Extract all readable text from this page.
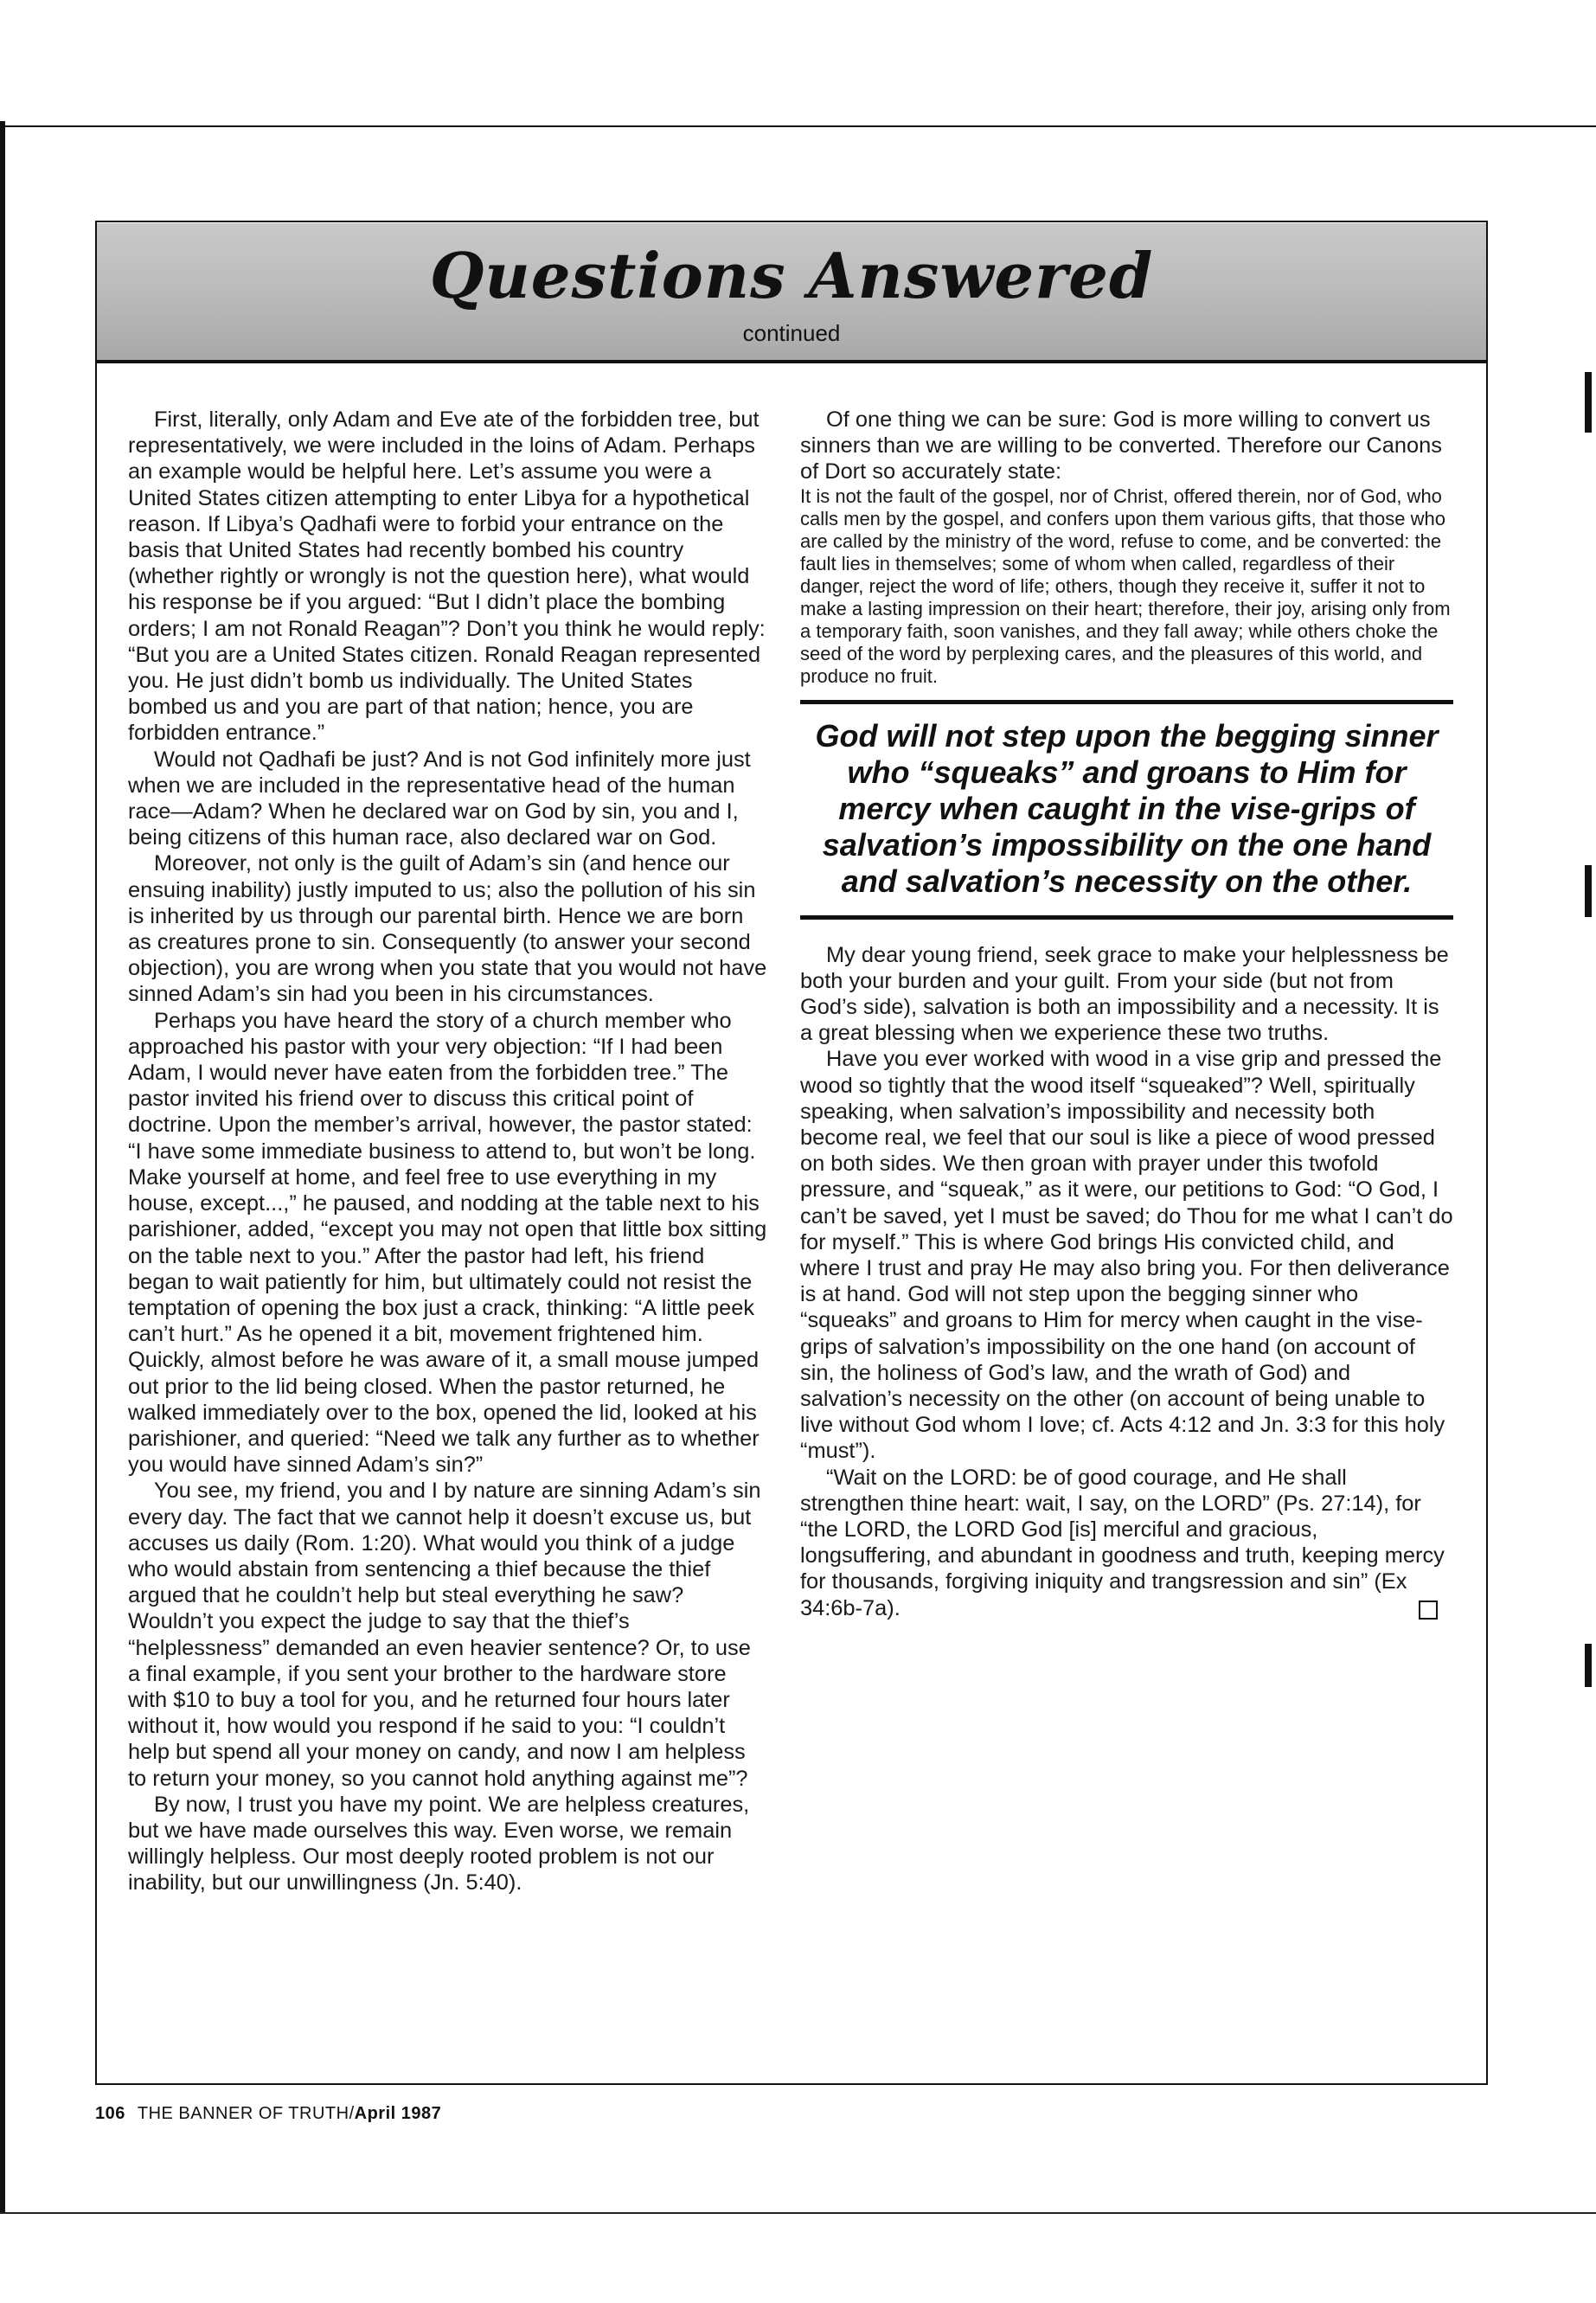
Questions Answered
continued

First, literally, only Adam and Eve ate of the forbidden tree, but representatively, we were included in the loins of Adam. Perhaps an example would be helpful here. Let’s assume you were a United States citizen attempting to enter Libya for a hypothetical reason. If Libya’s Qadhafi were to forbid your entrance on the basis that United States had recently bombed his country (whether rightly or wrongly is not the question here), what would his response be if you argued: “But I didn’t place the bombing orders; I am not Ronald Reagan”? Don’t you think he would reply: “But you are a United States citizen. Ronald Reagan represented you. He just didn’t bomb us individually. The United States bombed us and you are part of that nation; hence, you are forbidden entrance.”

Would not Qadhafi be just? And is not God infinitely more just when we are included in the representative head of the human race—Adam? When he declared war on God by sin, you and I, being citizens of this human race, also declared war on God.

Moreover, not only is the guilt of Adam’s sin (and hence our ensuing inability) justly imputed to us; also the pollution of his sin is inherited by us through our parental birth. Hence we are born as creatures prone to sin. Consequently (to answer your second objection), you are wrong when you state that you would not have sinned Adam’s sin had you been in his circumstances.

Perhaps you have heard the story of a church member who approached his pastor with your very objection: “If I had been Adam, I would never have eaten from the forbidden tree.” The pastor invited his friend over to discuss this critical point of doctrine. Upon the member’s arrival, however, the pastor stated: “I have some immediate business to attend to, but won’t be long. Make yourself at home, and feel free to use everything in my house, except...,” he paused, and nodding at the table next to his parishioner, added, “except you may not open that little box sitting on the table next to you.” After the pastor had left, his friend began to wait patiently for him, but ultimately could not resist the temptation of opening the box just a crack, thinking: “A little peek can’t hurt.” As he opened it a bit, movement frightened him. Quickly, almost before he was aware of it, a small mouse jumped out prior to the lid being closed. When the pastor returned, he walked immediately over to the box, opened the lid, looked at his parishioner, and queried: “Need we talk any further as to whether you would have sinned Adam’s sin?”

You see, my friend, you and I by nature are sinning Adam’s sin every day. The fact that we cannot help it doesn’t excuse us, but accuses us daily (Rom. 1:20). What would you think of a judge who would abstain from sentencing a thief because the thief argued that he couldn’t help but steal everything he saw? Wouldn’t you expect the judge to say that the thief’s “helplessness” demanded an even heavier sentence? Or, to use a final example, if you sent your brother to the hardware store with $10 to buy a tool for you, and he returned four hours later without it, how would you respond if he said to you: “I couldn’t help but spend all your money on candy, and now I am helpless to return your money, so you cannot hold anything against me”?

By now, I trust you have my point. We are helpless creatures, but we have made ourselves this way. Even worse, we remain willingly helpless. Our most deeply rooted problem is not our inability, but our unwillingness (Jn. 5:40).

Of one thing we can be sure: God is more willing to convert us sinners than we are willing to be converted. Therefore our Canons of Dort so accurately state:

It is not the fault of the gospel, nor of Christ, offered therein, nor of God, who calls men by the gospel, and confers upon them various gifts, that those who are called by the ministry of the word, refuse to come, and be converted: the fault lies in themselves; some of whom when called, regardless of their danger, reject the word of life; others, though they receive it, suffer it not to make a lasting impression on their heart; therefore, their joy, arising only from a temporary faith, soon vanishes, and they fall away; while others choke the seed of the word by perplexing cares, and the pleasures of this world, and produce no fruit.

God will not step upon the begging sinner who “squeaks” and groans to Him for mercy when caught in the vise-grips of salvation’s impossibility on the one hand and salvation’s necessity on the other.

My dear young friend, seek grace to make your helplessness be both your burden and your guilt. From your side (but not from God’s side), salvation is both an impossibility and a necessity. It is a great blessing when we experience these two truths.

Have you ever worked with wood in a vise grip and pressed the wood so tightly that the wood itself “squeaked”? Well, spiritually speaking, when salvation’s impossibility and necessity both become real, we feel that our soul is like a piece of wood pressed on both sides. We then groan with prayer under this twofold pressure, and “squeak,” as it were, our petitions to God: “O God, I can’t be saved, yet I must be saved; do Thou for me what I can’t do for myself.” This is where God brings His convicted child, and where I trust and pray He may also bring you. For then deliverance is at hand. God will not step upon the begging sinner who “squeaks” and groans to Him for mercy when caught in the vise-grips of salvation’s impossibility on the one hand (on account of sin, the holiness of God’s law, and the wrath of God) and salvation’s necessity on the other (on account of being unable to live without God whom I love; cf. Acts 4:12 and Jn. 3:3 for this holy “must”).

“Wait on the LORD: be of good courage, and He shall strengthen thine heart: wait, I say, on the LORD” (Ps. 27:14), for “the LORD, the LORD God [is] merciful and gracious, longsuffering, and abundant in goodness and truth, keeping mercy for thousands, forgiving iniquity and trangsression and sin” (Ex 34:6b-7a).

106 THE BANNER OF TRUTH/April 1987
